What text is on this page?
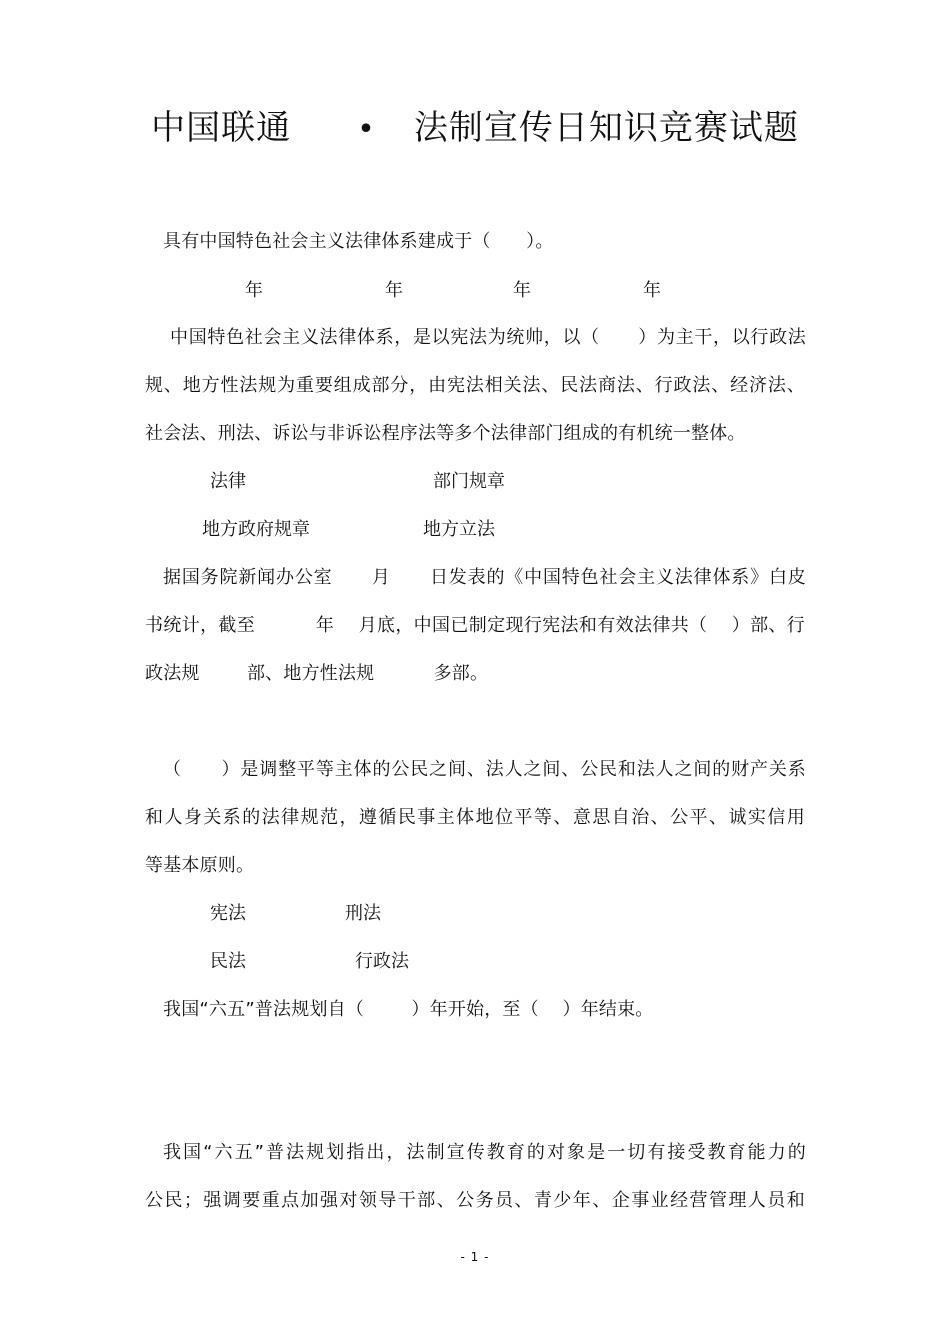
中国联通 • 法制宣传日知识竞赛试题
具有中国特色社会主义法律体系建成于（      ）。
年	年	年	年
中国特色社会主义法律体系，是以宪法为统帅，以（      ）为主干，以行政法
规、地方性法规为重要组成部分，由宪法相关法、民法商法、行政法、经济法、
社会法、刑法、诉讼与非诉讼程序法等多个法律部门组成的有机统一整体。
法律	部门规章
地方政府规章	地方立法
据国务院新闻办公室      月      日发表的《中国特色社会主义法律体系》白皮
书统计，截至          年    月底，中国已制定现行宪法和有效法律共（    ）部、行
政法规        部、地方性法规          多部。
（      ）是调整平等主体的公民之间、法人之间、公民和法人之间的财产关系
和人身关系的法律规范，遵循民事主体地位平等、意思自治、公平、诚实信用
等基本原则。
宪法	刑法
民法	行政法
我国“六五”普法规划自（        ）年开始，至（    ）年结束。
我国“六五”普法规划指出，法制宣传教育的对象是一切有接受教育能力的
公民；强调要重点加强对领导干部、公务员、青少年、企事业经营管理人员和
- 1 -
